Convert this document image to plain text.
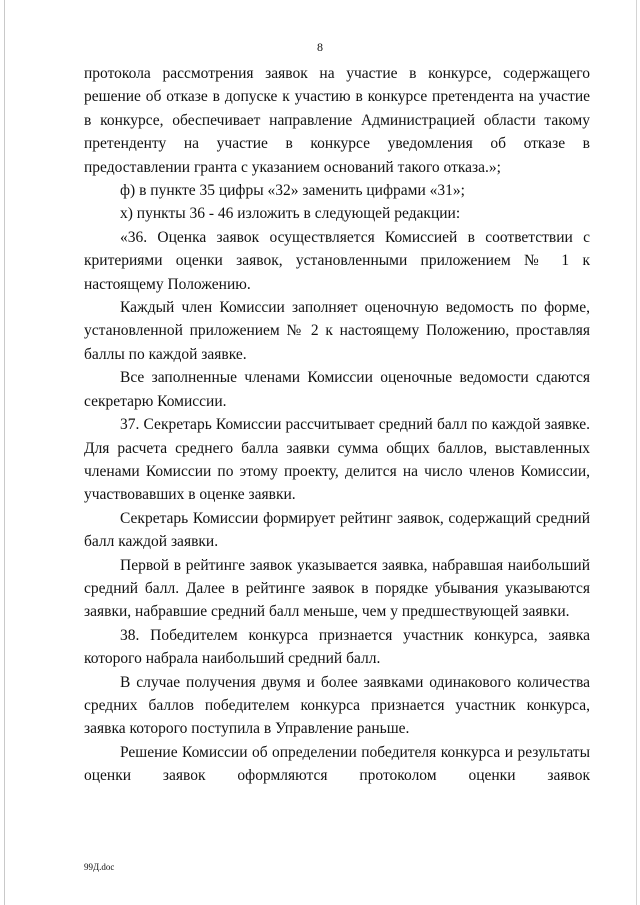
8

протокола рассмотрения заявок на участие в конкурсе, содержащего решение об отказе в допуске к участию в конкурсе претендента на участие в конкурсе, обеспечивает направление Администрацией области такому претенденту на участие в конкурсе уведомления об отказе в предоставлении гранта с указанием оснований такого отказа.»;

ф) в пункте 35 цифры «32» заменить цифрами «31»;

х) пункты 36 - 46 изложить в следующей редакции:

«36. Оценка заявок осуществляется Комиссией в соответствии с критериями оценки заявок, установленными приложением № 1 к настоящему Положению.

Каждый член Комиссии заполняет оценочную ведомость по форме, установленной приложением № 2 к настоящему Положению, проставляя баллы по каждой заявке.

Все заполненные членами Комиссии оценочные ведомости сдаются секретарю Комиссии.

37. Секретарь Комиссии рассчитывает средний балл по каждой заявке. Для расчета среднего балла заявки сумма общих баллов, выставленных членами Комиссии по этому проекту, делится на число членов Комиссии, участвовавших в оценке заявки.

Секретарь Комиссии формирует рейтинг заявок, содержащий средний балл каждой заявки.

Первой в рейтинге заявок указывается заявка, набравшая наибольший средний балл. Далее в рейтинге заявок в порядке убывания указываются заявки, набравшие средний балл меньше, чем у предшествующей заявки.

38. Победителем конкурса признается участник конкурса, заявка которого набрала наибольший средний балл.

В случае получения двумя и более заявками одинакового количества средних баллов победителем конкурса признается участник конкурса, заявка которого поступила в Управление раньше.

Решение Комиссии об определении победителя конкурса и результаты оценки заявок оформляются протоколом оценки заявок

99Д.doc
